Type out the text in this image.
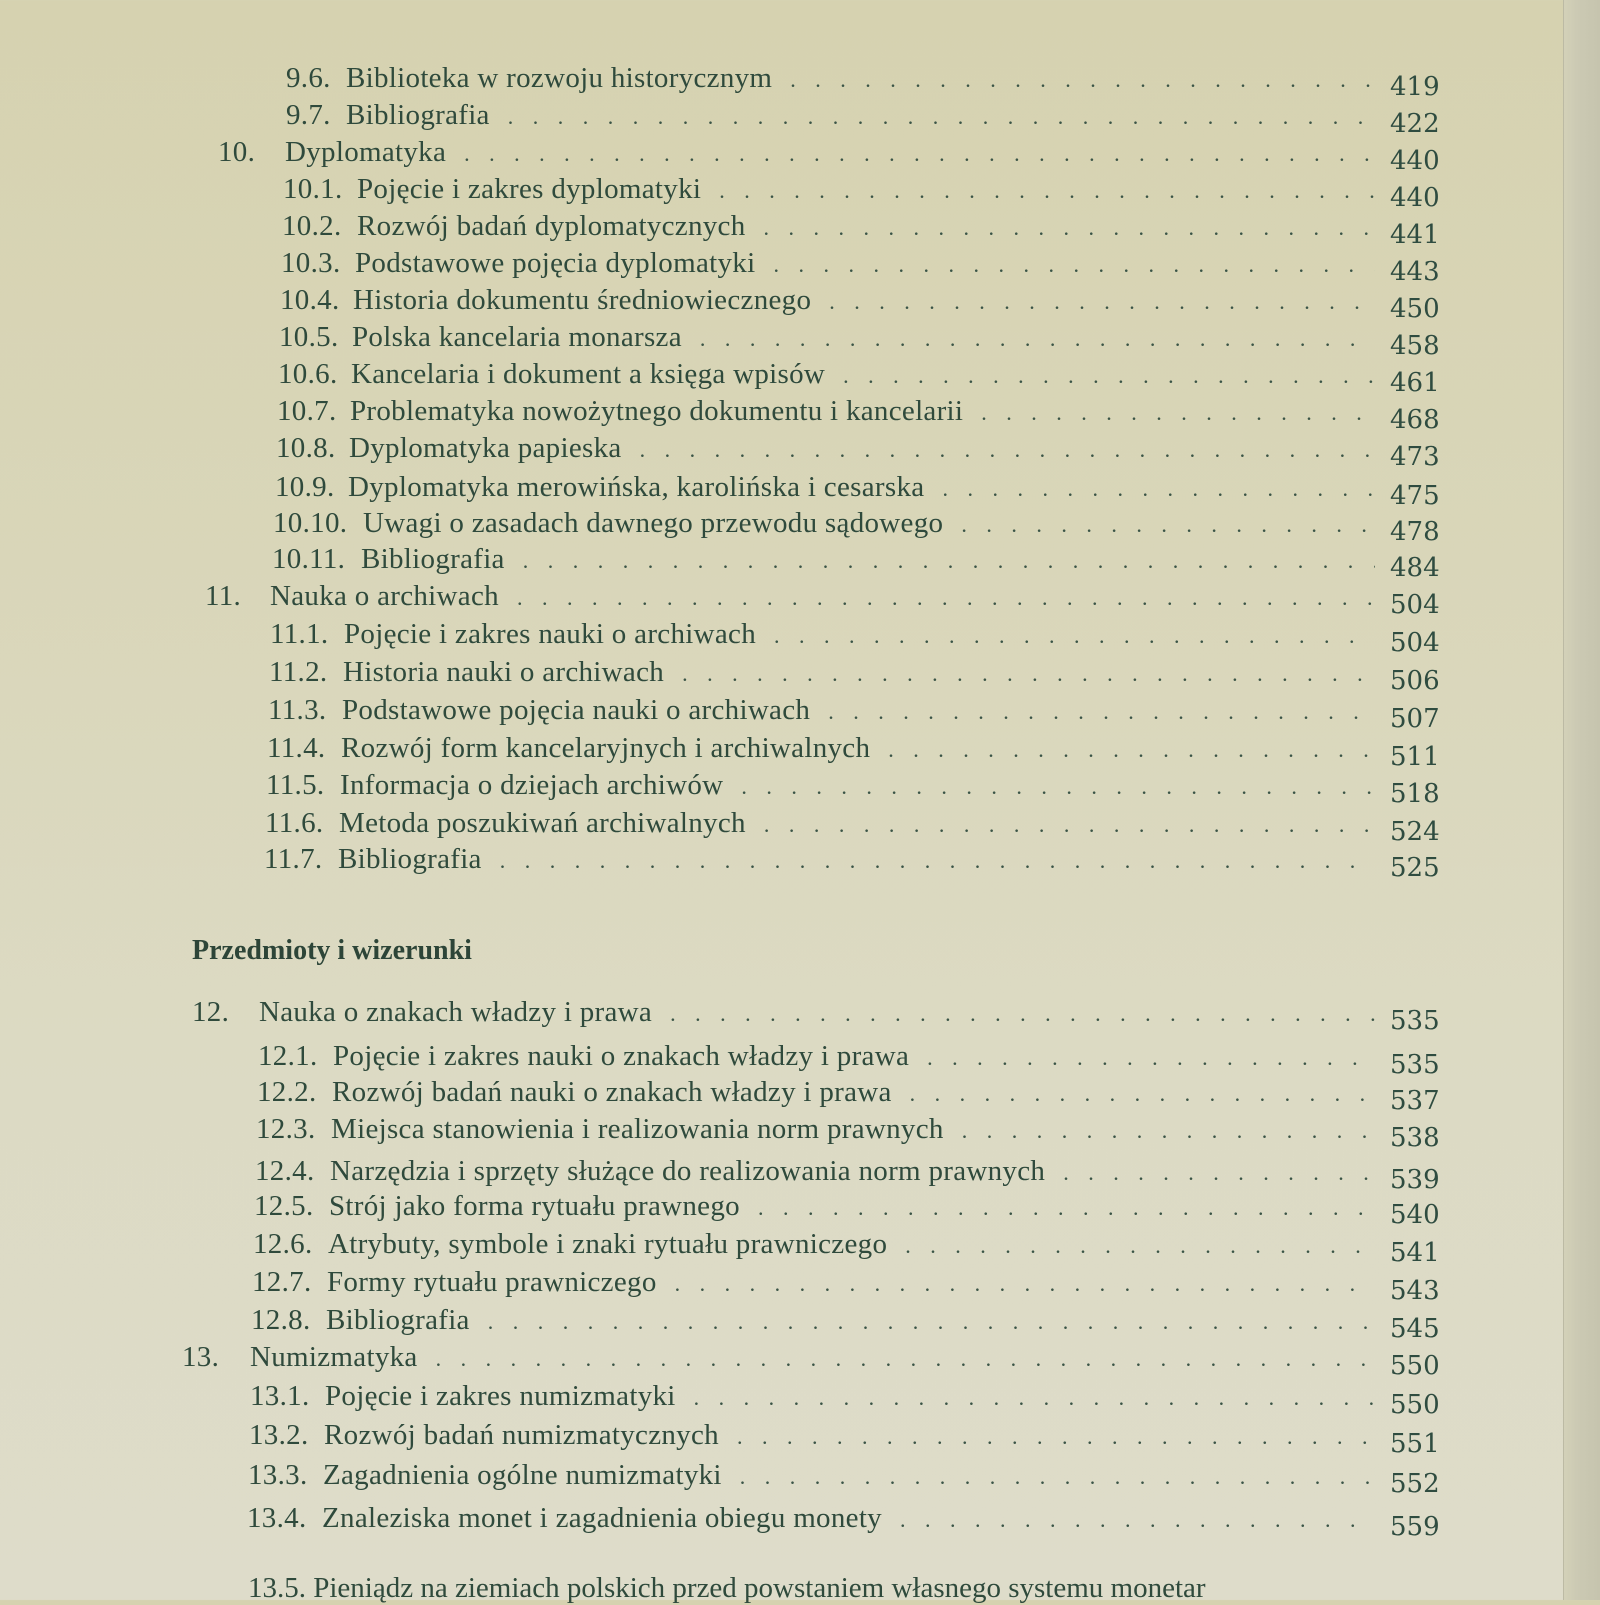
9.6. Biblioteka w rozwoju historycznym . . .	419
9.7. Bibliografia . . .	422
10.	Dyplomatyka . . .	440
10.1. Pojęcie i zakres dyplomatyki . . .	440
10.2. Rozwój badań dyplomatycznych . . .	441
10.3. Podstawowe pojęcia dyplomatyki . . .	443
10.4. Historia dokumentu średniowiecznego . . .	450
10.5. Polska kancelaria monarsza . . .	458
10.6. Kancelaria i dokument a księga wpisów . . .	461
10.7. Problematyka nowożytnego dokumentu i kancelarii . . .	468
10.8. Dyplomatyka papieska . . .	473
10.9. Dyplomatyka merowińska, karolińska i cesarska . . .	475
10.10. Uwagi o zasadach dawnego przewodu sądowego . . .	478
10.11. Bibliografia . . .	484
11. Nauka o archiwach . . .	504
11.1. Pojęcie i zakres nauki o archiwach . . .	504
11.2. Historia nauki o archiwach . . .	506
11.3. Podstawowe pojęcia nauki o archiwach . . .	507
11.4. Rozwój form kancelaryjnych i archiwalnych . . .	511
11.5. Informacja o dziejach archiwów . . .	518
11.6. Metoda poszukiwań archiwalnych . . .	524
11.7. Bibliografia . . .	525
12.	Nauka o znakach władzy i prawa . . .	535
12.1. Pojęcie i zakres nauki o znakach władzy i prawa . . .	535
12.2. Rozwój badań nauki o znakach władzy i prawa . . .	537
12.3. Miejsca stanowienia i realizowania norm prawnych . . .	538
12.4. Narzędzia i sprzęty służące do realizowania norm prawnych . . .	539
12.5. Strój jako forma rytuału prawnego . . .	540
12.6. Atrybuty, symbole i znaki rytuału prawniczego . . .	541
12.7. Formy rytuału prawniczego . . .	543
12.8. Bibliografia . . .	545
13.	Numizmatyka . . .	550
13.1. Pojęcie i zakres numizmatyki . . .	550
13.2. Rozwój badań numizmatycznych . . .	551
13.3. Zagadnienia ogólne numizmatyki . . .	552
13.4. Znaleziska monet i zagadnienia obiegu monety . . .	559
Przedmioty i wizerunki
13.5. Pieniądz na ziemiach polskich przed powstaniem własnego systemu monetar
